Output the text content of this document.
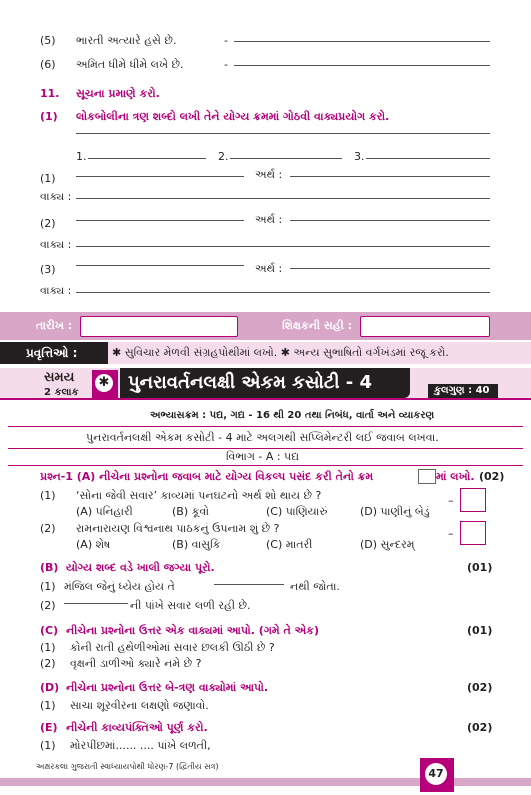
(5) ભારતી અત્યારે હસે છે.	-
(6) અમિત ધીમે ધીમે લખે છે.	-
11. સૂચના પ્રમાણે કરો.
(1) લોકબોલીના ત્રણ શબ્દો લખી તેને યોગ્ય ક્રમમાં ગોઠવી વાક્યપ્રયોગ કરો.
1.	2.	3.
(1)	અર્થ :
વાક્ય :
(2)	અર્થ :
વાક્ય :
(3)	અર્થ :
વાક્ય :
તારીખ :	શિક્ષકની સહી :
પ્રવૃત્તિઓ :	✱ સુવિચાર મેળવી સંગ્રહપોથીમાં લખો. ✱ અન્ય સુભાષિતો વર્ગખંડમાં રજૂ કરો.
સમય
2 કલાક
✱ પુનરાવર્તનલક્ષી એકમ કસોટી - 4	કુલગુણ : 40
અભ્યાસક્રમ : પદ્ય, ગદ્ય - 16 થી 20 તથા નિબંધ, વાર્તા અને વ્યાકરણ
પુનરાવર્તનલક્ષી એકમ કસોટી - 4 માટે અલગથી સપ્લિમેન્ટરી લઈ જવાબ લખવા.
વિભાગ - A : પદ્ય
પ્રશ્ન-1 (A) નીચેના પ્રશ્નોના જવાબ માટે યોગ્ય વિકલ્પ પસંદ કરી તેનો ક્રમ	માં લખો. (02)
(1) ‘સોના જેવી સવાર’ કાવ્યમાં પનઘટનો અર્થ શો થાય છે ?
(A) પનિહારી	(B) કૂવો	(C) પાણિયારું	(D) પાણીનું બેડું
–
(2) રામનારાયણ વિશ્વનાથ પાઠકનું ઉપનામ શું છે ?
(A) શેષ	(B) વાસુકિ	(C) માતરી	(D) સુન્દરમ્
–
(B) યોગ્ય શબ્દ વડે ખાલી જગ્યા પૂરો.	(01)
(1) મંજિલ જેનું ધ્યેય હોય તે	નથી જોતા.
(2)	ની પાંખે સવાર લળી રહી છે.
(C) નીચેના પ્રશ્નોના ઉત્તર એક વાક્યમાં આપો. (ગમે તે એક)	(01)
(1) કોની રાતી હથેળીઓમાં સવાર છલકી ઊઠી છે ?
(2) વૃક્ષની ડાળીઓ ક્યારે નમે છે ?
(D) નીચેના પ્રશ્નોના ઉત્તર બે-ત્રણ વાક્યોમાં આપો.	(02)
(1) સાચા શૂરવીરના લક્ષણો જણાવો.
(E) નીચેની કાવ્યપંક્તિઓ પૂર્ણ કરો.	(02)
(1) મોરપીંછમાં...... .... પાંખે લળતી,
અક્ષરકલા ગુજરાતી સ્વાધ્યાયપોથી ધોરણ-7 (દ્વિતીય સત્ર)
47
